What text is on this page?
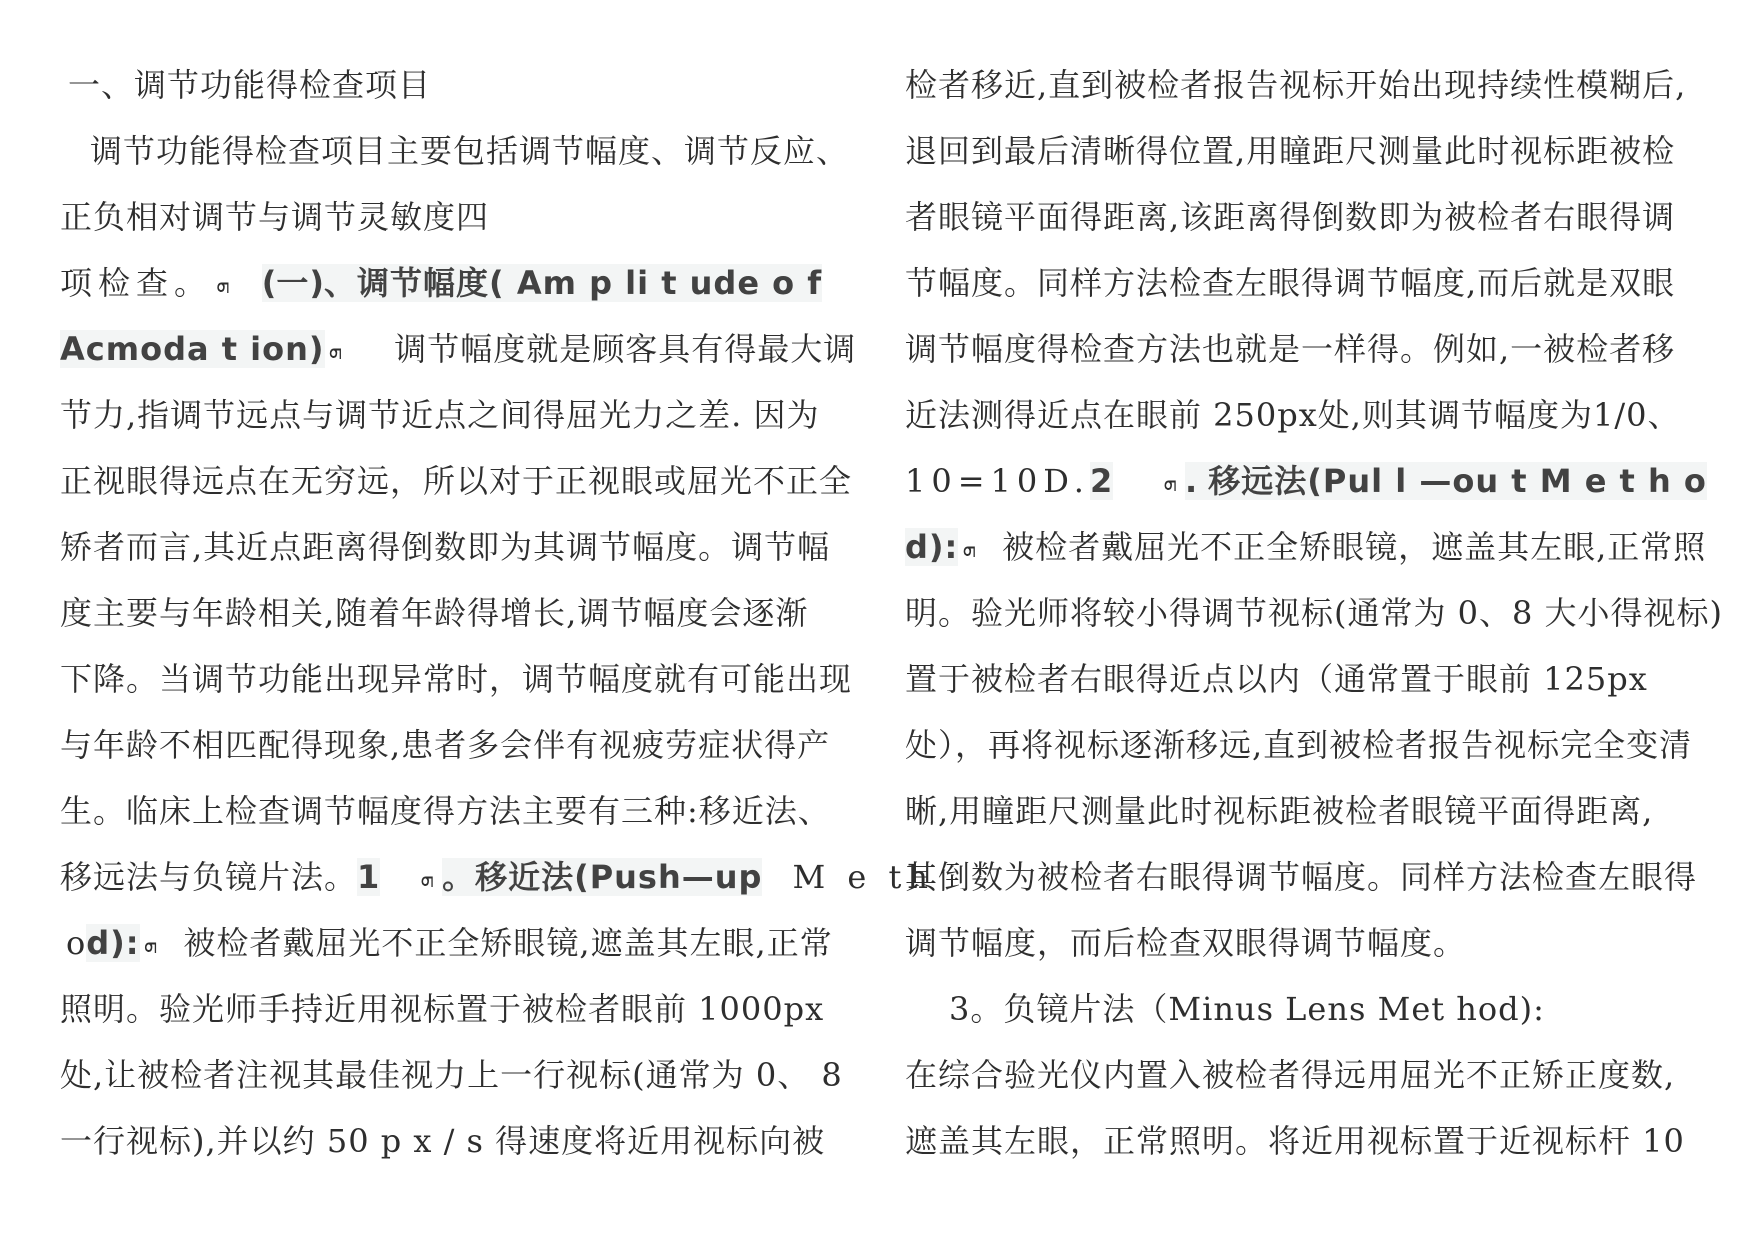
一、调节功能得检查项目
调节功能得检查项目主要包括调节幅度、调节反应、
正负相对调节与调节灵敏度四
项检查。 ܗ (一)、调节幅度( Am p li t ude o f
Acmoda t ion) ܗ 调节幅度就是顾客具有得最大调
节力,指调节远点与调节近点之间得屈光力之差. 因为
正视眼得远点在无穷远，所以对于正视眼或屈光不正全
矫者而言,其近点距离得倒数即为其调节幅度。调节幅
度主要与年龄相关,随着年龄得增长,调节幅度会逐渐
下降。当调节功能出现异常时，调节幅度就有可能出现
与年龄不相匹配得现象,患者多会伴有视疲劳症状得产
生。临床上检查调节幅度得方法主要有三种:移近法、
移远法与负镜片法。1 ܗ 。移近法(Push—up M e th
od): ܗ 被检者戴屈光不正全矫眼镜,遮盖其左眼,正常
照明。验光师手持近用视标置于被检者眼前 1000px
处,让被检者注视其最佳视力上一行视标(通常为 0、 8
一行视标),并以约 50 p x / s 得速度将近用视标向被
检者移近,直到被检者报告视标开始出现持续性模糊后,
退回到最后清晰得位置,用瞳距尺测量此时视标距被检
者眼镜平面得距离,该距离得倒数即为被检者右眼得调
节幅度。同样方法检查左眼得调节幅度,而后就是双眼
调节幅度得检查方法也就是一样得。例如,一被检者移
近法测得近点在眼前 250px处,则其调节幅度为1/0、
10=10D.2 ܗ . 移远法(Pul l —ou t M e t h o
d): ܗ 被检者戴屈光不正全矫眼镜，遮盖其左眼,正常照
明。验光师将较小得调节视标(通常为 0、8 大小得视标)
置于被检者右眼得近点以内（通常置于眼前 125px
处），再将视标逐渐移远,直到被检者报告视标完全变清
晰,用瞳距尺测量此时视标距被检者眼镜平面得距离,
其倒数为被检者右眼得调节幅度。同样方法检查左眼得
调节幅度，而后检查双眼得调节幅度。
3。负镜片法（Minus Lens Met hod):
在综合验光仪内置入被检者得远用屈光不正矫正度数,
遮盖其左眼，正常照明。将近用视标置于近视标杆 10
